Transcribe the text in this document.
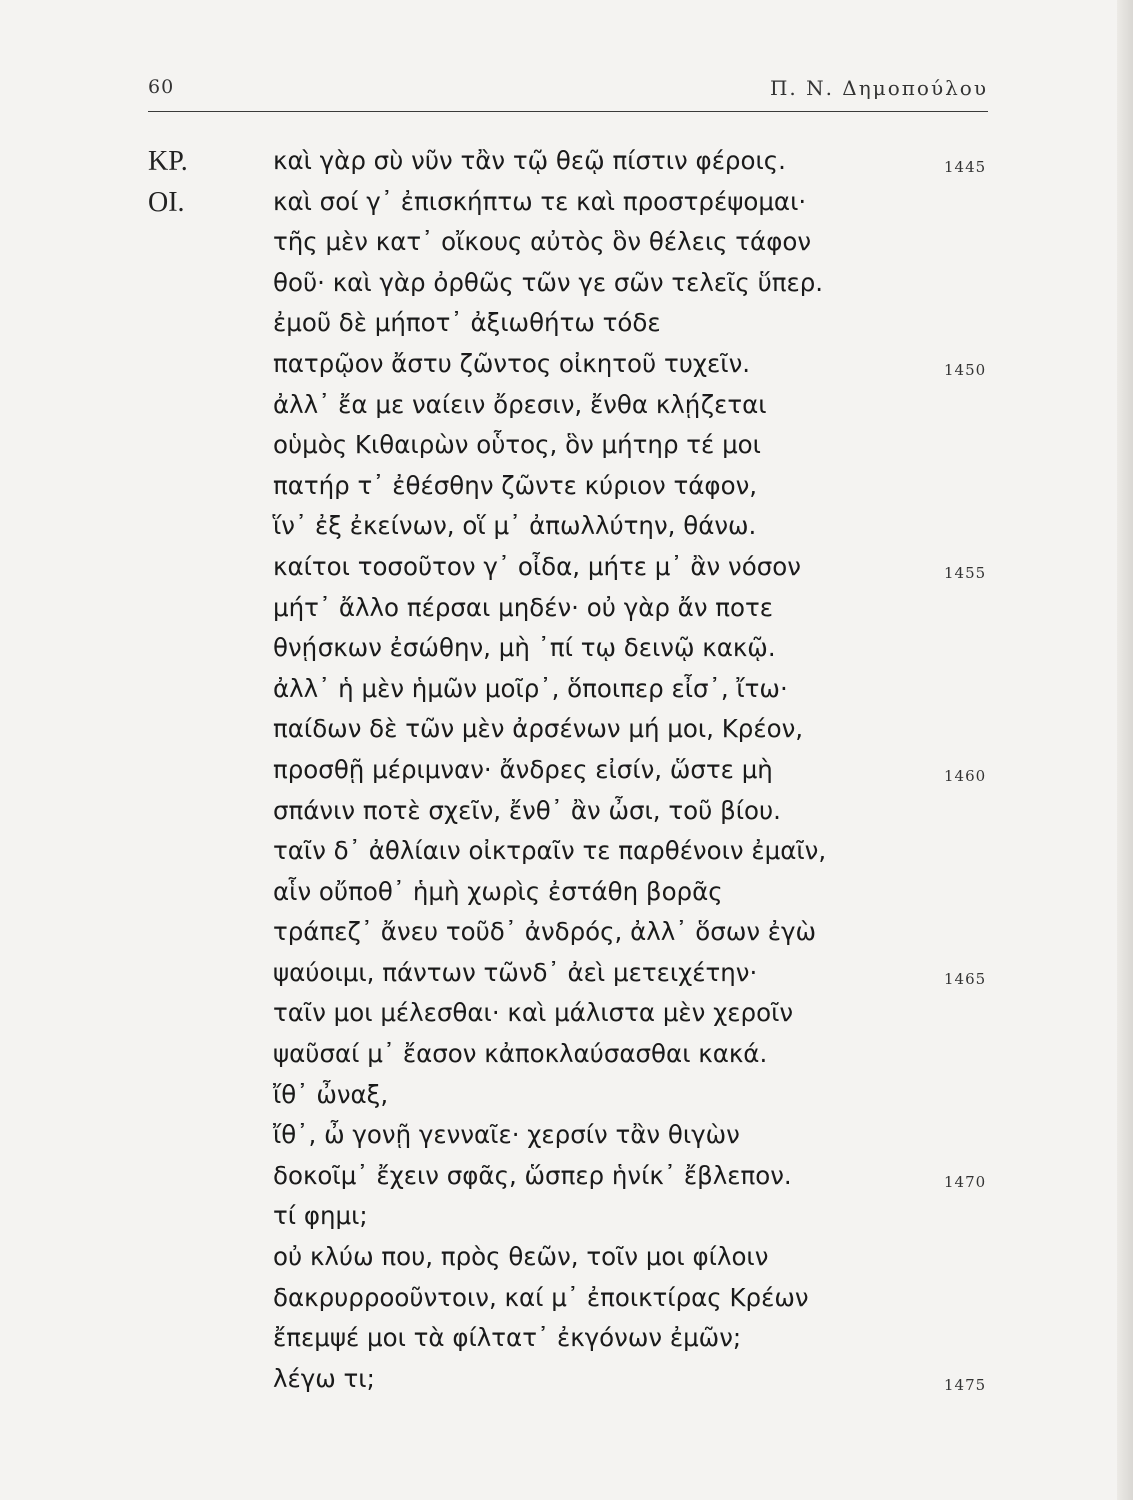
60	Π. Ν. Δημοπούλου
ΚΡ.	καὶ γὰρ σὺ νῦν τἂν τῷ θεῷ πίστιν φέροις.	1445
ΟΙ.	καὶ σοί γ᾽ ἐπισκήπτω τε καὶ προστρέψομαι·
τῆς μὲν κατ᾽ οἴκους αὐτὸς ὃν θέλεις τάφον
θοῦ· καὶ γὰρ ὀρθῶς τῶν γε σῶν τελεῖς ὕπερ.
ἐμοῦ δὲ μήποτ᾽ ἀξιωθήτω τόδε
πατρῷον ἄστυ ζῶντος οἰκητοῦ τυχεῖν.	1450
ἀλλ᾽ ἔα με ναίειν ὄρεσιν, ἔνθα κλῄζεται
οὑμὸς Κιθαιρὼν οὗτος, ὃν μήτηρ τέ μοι
πατήρ τ᾽ ἐθέσθην ζῶντε κύριον τάφον,
ἵν᾽ ἐξ ἐκείνων, οἵ μ᾽ ἀπωλλύτην, θάνω.
καίτοι τοσοῦτον γ᾽ οἶδα, μήτε μ᾽ ἂν νόσον	1455
μήτ᾽ ἄλλο πέρσαι μηδέν· οὐ γὰρ ἄν ποτε
θνῄσκων ἐσώθην, μὴ ᾽πί τῳ δεινῷ κακῷ.
ἀλλ᾽ ἡ μὲν ἡμῶν μοῖρ᾽, ὅποιπερ εἶσ᾽, ἴτω·
παίδων δὲ τῶν μὲν ἀρσένων μή μοι, Κρέον,
προσθῇ μέριμναν· ἄνδρες εἰσίν, ὥστε μὴ	1460
σπάνιν ποτὲ σχεῖν, ἔνθ᾽ ἂν ὦσι, τοῦ βίου.
ταῖν δ᾽ ἀθλίαιν οἰκτραῖν τε παρθένοιν ἐμαῖν,
αἷν οὔποθ᾽ ἡμὴ χωρὶς ἐστάθη βορᾶς
τράπεζ᾽ ἄνευ τοῦδ᾽ ἀνδρός, ἀλλ᾽ ὅσων ἐγὼ
ψαύοιμι, πάντων τῶνδ᾽ ἀεὶ μετειχέτην·	1465
ταῖν μοι μέλεσθαι· καὶ μάλιστα μὲν χεροῖν
ψαῦσαί μ᾽ ἔασον κἀποκλαύσασθαι κακά.
ἴθ᾽ ὦναξ,
ἴθ᾽, ὦ γονῇ γενναῖε· χερσίν τἂν θιγὼν
δοκοῖμ᾽ ἔχειν σφᾶς, ὥσπερ ἡνίκ᾽ ἔβλεπον.	1470
τί φημι;
οὐ κλύω που, πρὸς θεῶν, τοῖν μοι φίλοιν
δακρυρροοῦντοιν, καί μ᾽ ἐποικτίρας Κρέων
ἔπεμψέ μοι τὰ φίλτατ᾽ ἐκγόνων ἐμῶν;
λέγω τι;	1475
